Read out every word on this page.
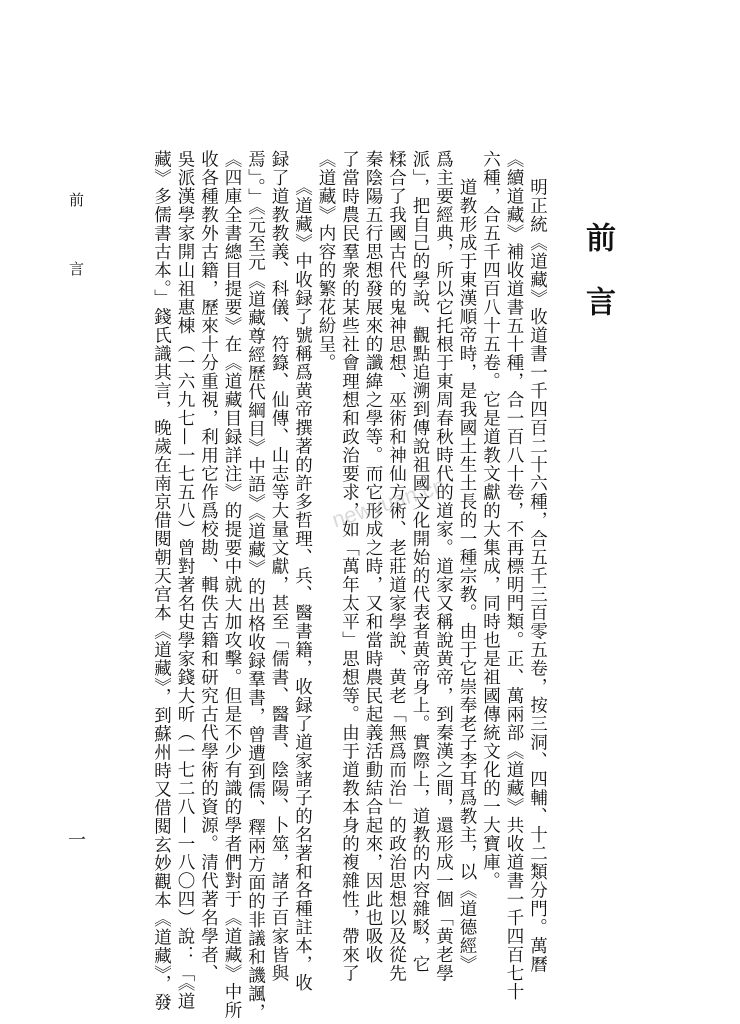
前言
明正統《道藏》收道書一千四百二十六種，合五千三百零五卷，按三洞、四輔、十二類分門。萬曆
《續道藏》補收道書五十種，合一百八十卷，不再標明門類。正、萬兩部《道藏》共收道書一千四百七十
六種，合五千四百八十五卷。它是道教文獻的大集成，同時也是祖國傳統文化的一大寶庫。
道教形成于東漢順帝時，是我國土生土長的一種宗教。由于它崇奉老子李耳爲教主，以《道德經》
爲主要經典，所以它托根于東周春秋時代的道家。道家又稱說黄帝，到秦漢之間，還形成一個「黄老學
派」，把自己的學說、觀點追溯到傳說祖國文化開始的代表者黄帝身上。實際上，道教的内容雜駁，它
糅合了我國古代的鬼神思想、巫術和神仙方術、老莊道家學說、黄老「無爲而治」的政治思想以及從先
秦陰陽五行思想發展來的讖緯之學等。而它形成之時，又和當時農民起義活動結合起來，因此也吸收
了當時農民羣衆的某些社會理想和政治要求，如「萬年太平」思想等。由于道教本身的複雜性，帶來了
《道藏》内容的繁花紛呈。
《道藏》中收録了號稱爲黄帝撰著的許多哲理、兵、醫書籍，收録了道家諸子的名著和各種註本，收
録了道教教義、科儀、符籙、仙傳、山志等大量文獻，甚至「儒書、醫書、陰陽、卜筮，諸子百家皆與
焉」。」《元至元《道藏尊經歷代綱目》中語》《道藏》的出格收録羣書，曾遭到儒、釋兩方面的非議和譏諷，
《四庫全書總目提要》在《道藏目録詳注》的提要中就大加攻擊。但是不少有識的學者們對于《道藏》中所
收各種教外古籍，歷來十分重視，利用它作爲校勘、輯佚古籍和研究古代學術的資源。清代著名學者、
吳派漢學家開山祖惠棟（一六九七—一七五八）曾對著名史學家錢大昕（一七二八—一八〇四）說：「《道
藏》多儒書古本。」錢氏識其言，晚歲在南京借閱朝天宫本《道藏》，到蘇州時又借閱玄妙觀本《道藏》，發
前言
一
newyuan.cn
